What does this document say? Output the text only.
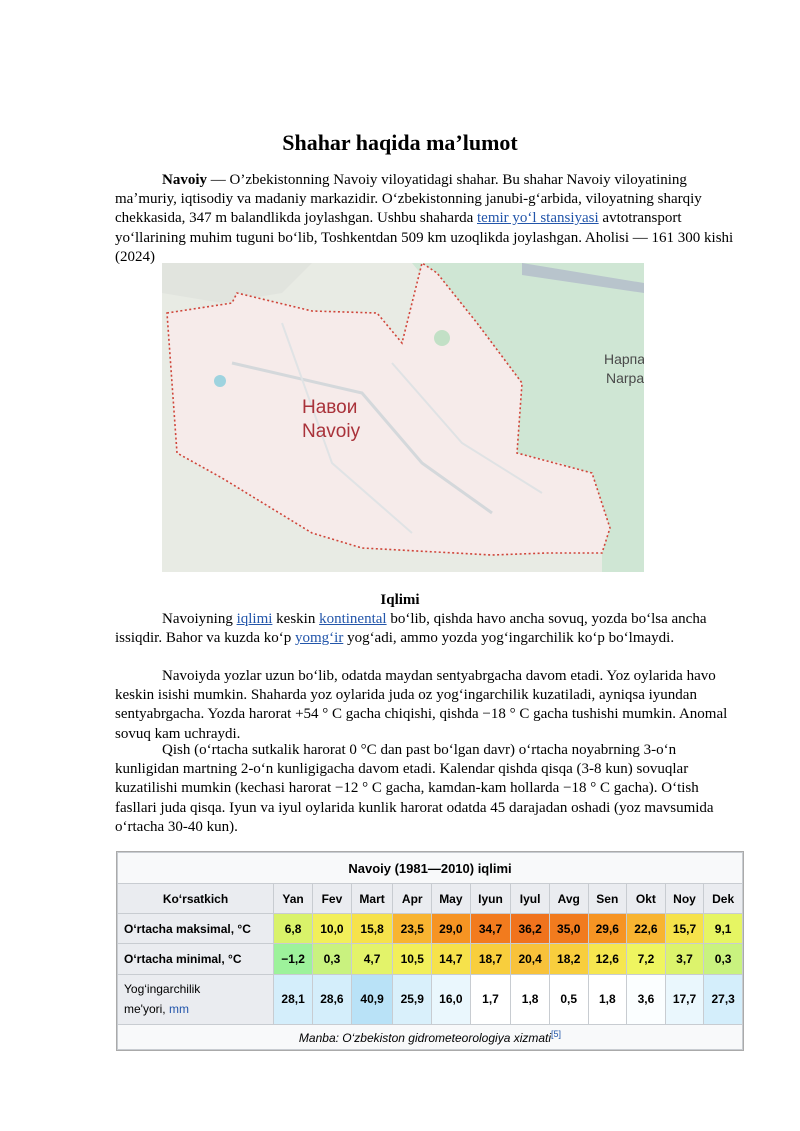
Shahar haqida ma’lumot

Navoiy — O’zbekistonning Navoiy viloyatidagi shahar. Bu shahar Navoiy viloyatining maʼmuriy, iqtisodiy va madaniy markazidir. O‘zbekistonning janubi-g‘arbida, viloyatning sharqiy chekkasida, 347 m balandlikda joylashgan. Ushbu shaharda temir yo‘l stansiyasi avtotransport yo‘llarining muhim tuguni bo‘lib, Toshkentdan 509 km uzoqlikda joylashgan. Aholisi — 161 300 kishi (2024)

Навои
Navoiy
Нарпа
Narpa
Iqlimi

Navoiyning iqlimi keskin kontinental bo‘lib, qishda havo ancha sovuq, yozda bo‘lsa ancha issiqdir. Bahor va kuzda ko‘p yomg‘ir yog‘adi, ammo yozda yog‘ingarchilik ko‘p bo‘lmaydi.

Navoiyda yozlar uzun bo‘lib, odatda maydan sentyabrgacha davom etadi. Yoz oylarida havo keskin isishi mumkin. Shaharda yoz oylarida juda oz yog‘ingarchilik kuzatiladi, ayniqsa iyundan sentyabrgacha. Yozda harorat +54 ° C gacha chiqishi, qishda −18 ° C gacha tushishi mumkin. Anomal sovuq kam uchraydi.

Qish (o‘rtacha sutkalik harorat 0 °C dan past bo‘lgan davr) o‘rtacha noyabrning 3-o‘n kunligidan martning 2-o‘n kunligigacha davom etadi. Kalendar qishda qisqa (3-8 kun) sovuqlar kuzatilishi mumkin (kechasi harorat −12 ° C gacha, kamdan-kam hollarda −18 ° C gacha). O‘tish fasllari juda qisqa. Iyun va iyul oylarida kunlik harorat odatda 45 darajadan oshadi (yoz mavsumida o‘rtacha 30-40 kun).

Navoiy (1981—2010) iqlimi												
Ko‘rsatkich	Yan	Fev	Mart	Apr	May	Iyun	Iyul	Avg	Sen	Okt	Noy	Dek
O‘rtacha maksimal, °C	6,8	10,0	15,8	23,5	29,0	34,7	36,2	35,0	29,6	22,6	15,7	9,1
O‘rtacha minimal, °C	−1,2	0,3	4,7	10,5	14,7	18,7	20,4	18,2	12,6	7,2	3,7	0,3
Yog‘ingarchilik
me'yori, mm	28,1	28,6	40,9	25,9	16,0	1,7	1,8	0,5	1,8	3,6	17,7	27,3
Manba: O‘zbekiston gidrometeorologiya xizmati[5]
